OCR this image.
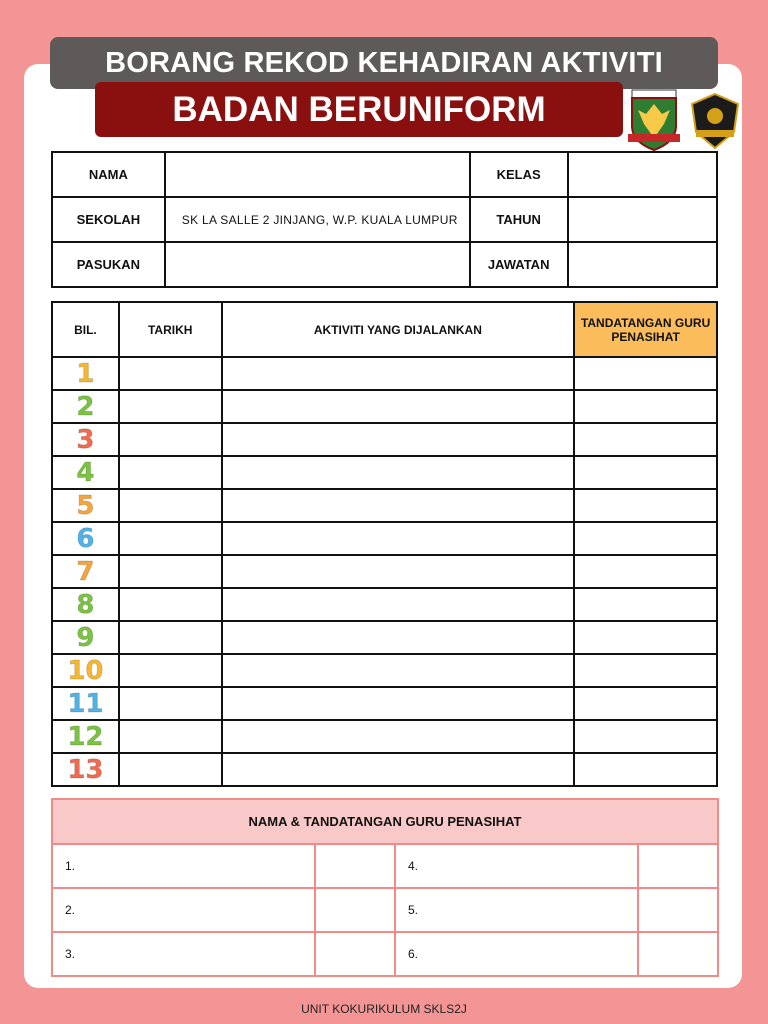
BORANG REKOD KEHADIRAN AKTIVITI
BADAN BERUNIFORM
NAMA		KELAS	
SEKOLAH	SK LA SALLE 2 JINJANG, W.P. KUALA LUMPUR	TAHUN	
PASUKAN		JAWATAN	
BIL.	TARIKH	AKTIVITI YANG DIJALANKAN	TANDATANGAN GURU PENASIHAT
1			
2			
3			
4			
5			
6			
7			
8			
9			
10			
11			
12			
13			
NAMA & TANDATANGAN GURU PENASIHAT			
1.		4.	
2.		5.	
3.		6.	
UNIT KOKURIKULUM SKLS2J
